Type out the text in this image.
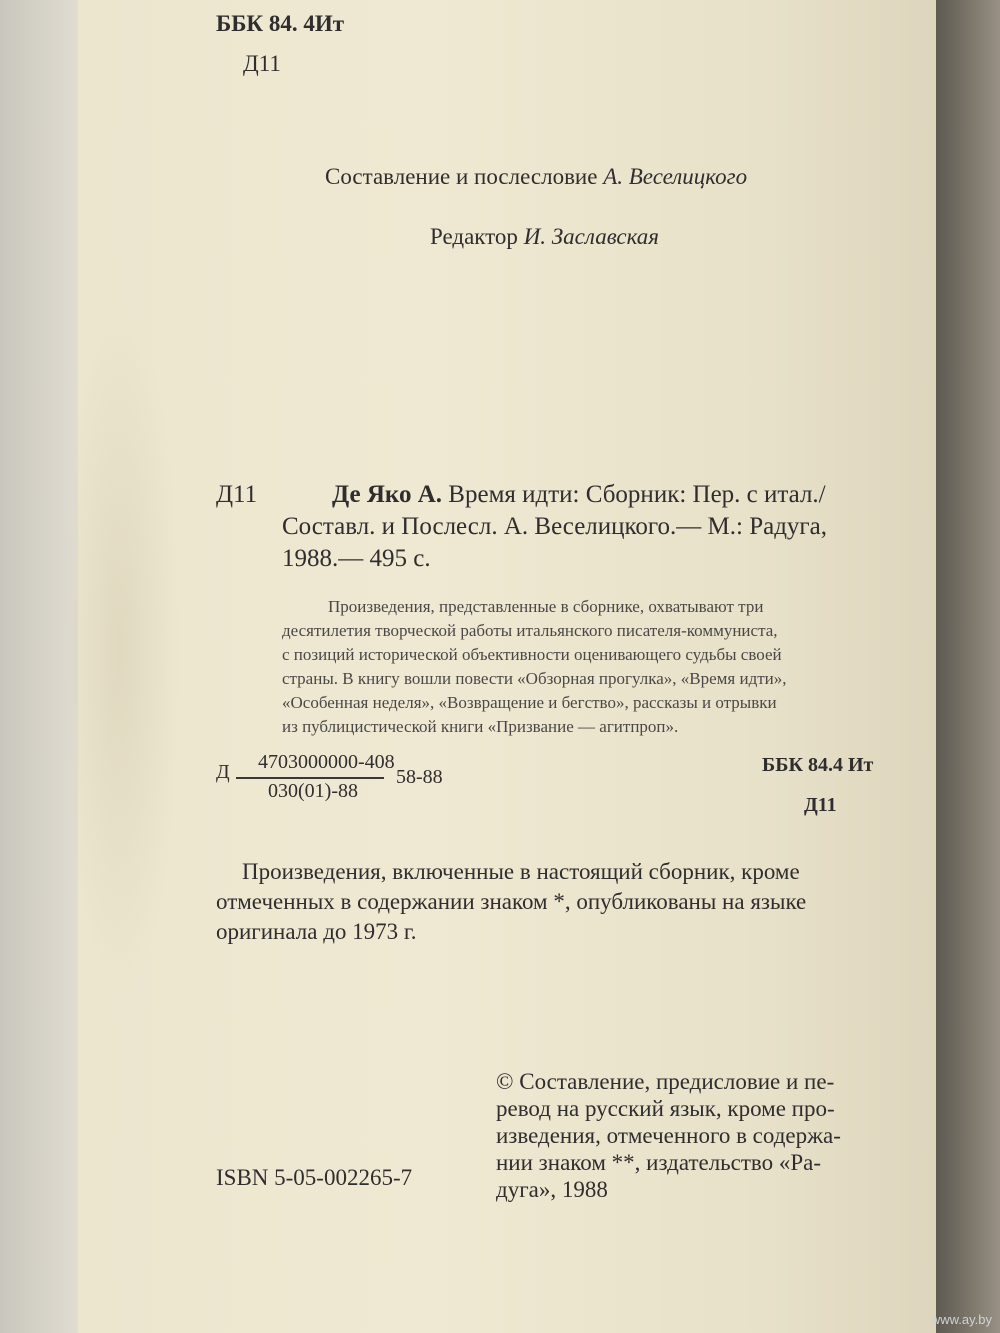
ББК 84. 4Ит
Д11
Составление и послесловие А. Веселицкого
Редактор И. Заславская
Д11	Де Яко А. Время идти: Сборник: Пер. с итал./
Составл. и Послесл. А. Веселицкого.— М.: Радуга,
1988.— 495 с.
Произведения, представленные в сборнике, охватывают три
десятилетия творческой работы итальянского писателя-коммуниста,
с позиций исторической объективности оценивающего судьбы своей
страны. В книгу вошли повести «Обзорная прогулка», «Время идти»,
«Особенная неделя», «Возвращение и бегство», рассказы и отрывки
из публицистической книги «Призвание — агитпроп».
Д 4703000000-408
030(01)-88
58-88
ББК 84.4 Ит
Д11
Произведения, включенные в настоящий сборник, кроме
отмеченных в содержании знаком *, опубликованы на языке
оригинала до 1973 г.
ISBN 5-05-002265-7
© Составление, предисловие и пе-
ревод на русский язык, кроме про-
изведения, отмеченного в содержа-
нии знаком **, издательство «Ра-
дуга», 1988
www.ay.by
